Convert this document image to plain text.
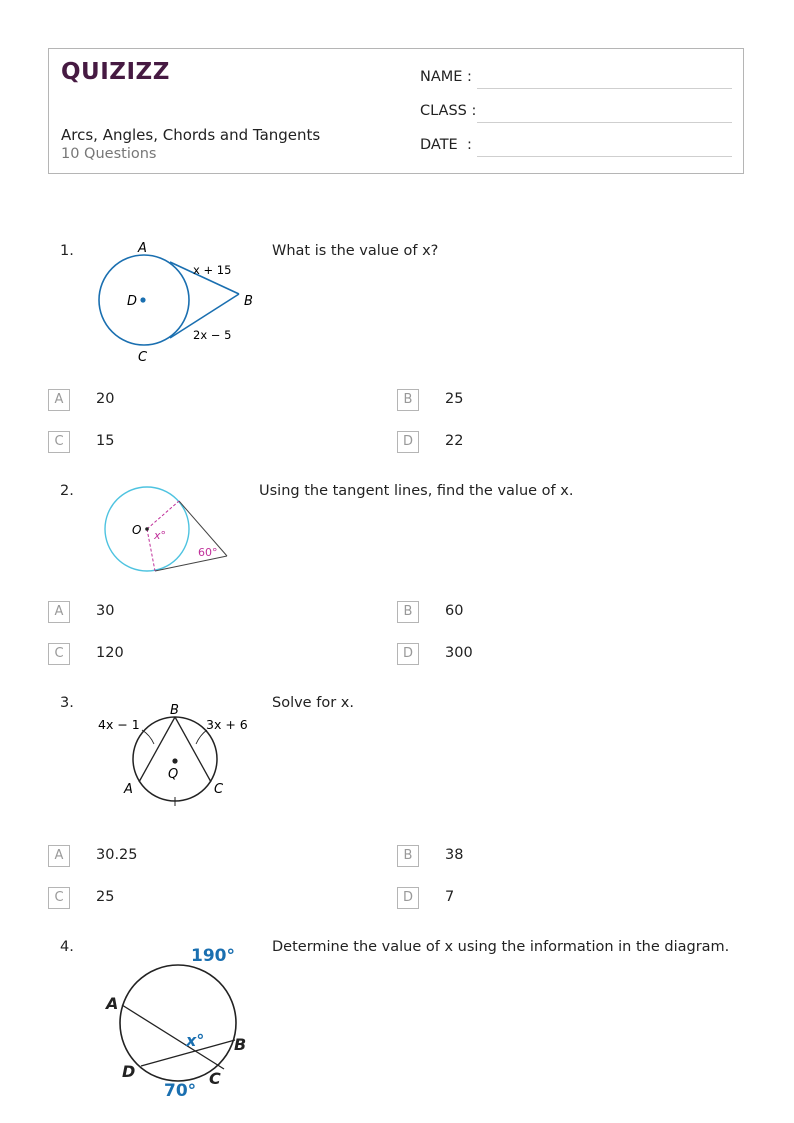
QUIZIZZ
Arcs, Angles, Chords and Tangents
10 Questions
NAME :
CLASS :
DATE  :
1.	What is the value of x?
A
D	B
C
x + 15
2x − 5
A	20	B	25
C	15	D	22
2.	Using the tangent lines, find the value of x.
O x°
60°
A	30	B	60
C	120	D	300
3.	Solve for x.
B
4x − 1	3x + 6
Q
A	C
A	30.25	B	38
C	25	D	7
4.	Determine the value of x using the information in the diagram.
190°
A
x° B
D	C
70°
